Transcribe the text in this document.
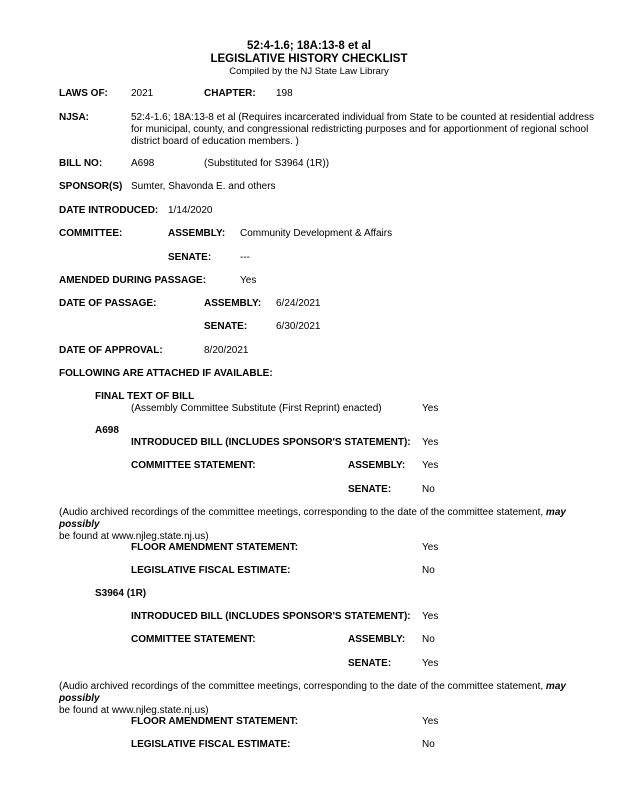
52:4-1.6; 18A:13-8 et al
LEGISLATIVE HISTORY CHECKLIST
Compiled by the NJ State Law Library
LAWS OF: 2021	CHAPTER: 198
NJSA:	52:4-1.6; 18A:13-8 et al (Requires incarcerated individual from State to be counted at residential address for municipal, county, and congressional redistricting purposes and for apportionment of regional school district board of education members. )
BILL NO:	A698	(Substituted for S3964 (1R))
SPONSOR(S) Sumter, Shavonda E. and others
DATE INTRODUCED: 1/14/2020
COMMITTEE:	ASSEMBLY: Community Development & Affairs
SENATE:	---
AMENDED DURING PASSAGE:	Yes
DATE OF PASSAGE:	ASSEMBLY: 6/24/2021
SENATE:	6/30/2021
DATE OF APPROVAL:	8/20/2021
FOLLOWING ARE ATTACHED IF AVAILABLE:
FINAL TEXT OF BILL
(Assembly Committee Substitute (First Reprint) enacted)	Yes
A698
INTRODUCED BILL (INCLUDES SPONSOR'S STATEMENT): Yes
COMMITTEE STATEMENT:	ASSEMBLY: Yes
SENATE:	No
(Audio archived recordings of the committee meetings, corresponding to the date of the committee statement, may possibly
be found at www.njleg.state.nj.us)
FLOOR AMENDMENT STATEMENT:	Yes
LEGISLATIVE FISCAL ESTIMATE:	No
S3964 (1R)
INTRODUCED BILL (INCLUDES SPONSOR'S STATEMENT): Yes
COMMITTEE STATEMENT:	ASSEMBLY: No
SENATE:	Yes
(Audio archived recordings of the committee meetings, corresponding to the date of the committee statement, may possibly
be found at www.njleg.state.nj.us)
FLOOR AMENDMENT STATEMENT:	Yes
LEGISLATIVE FISCAL ESTIMATE:	No
